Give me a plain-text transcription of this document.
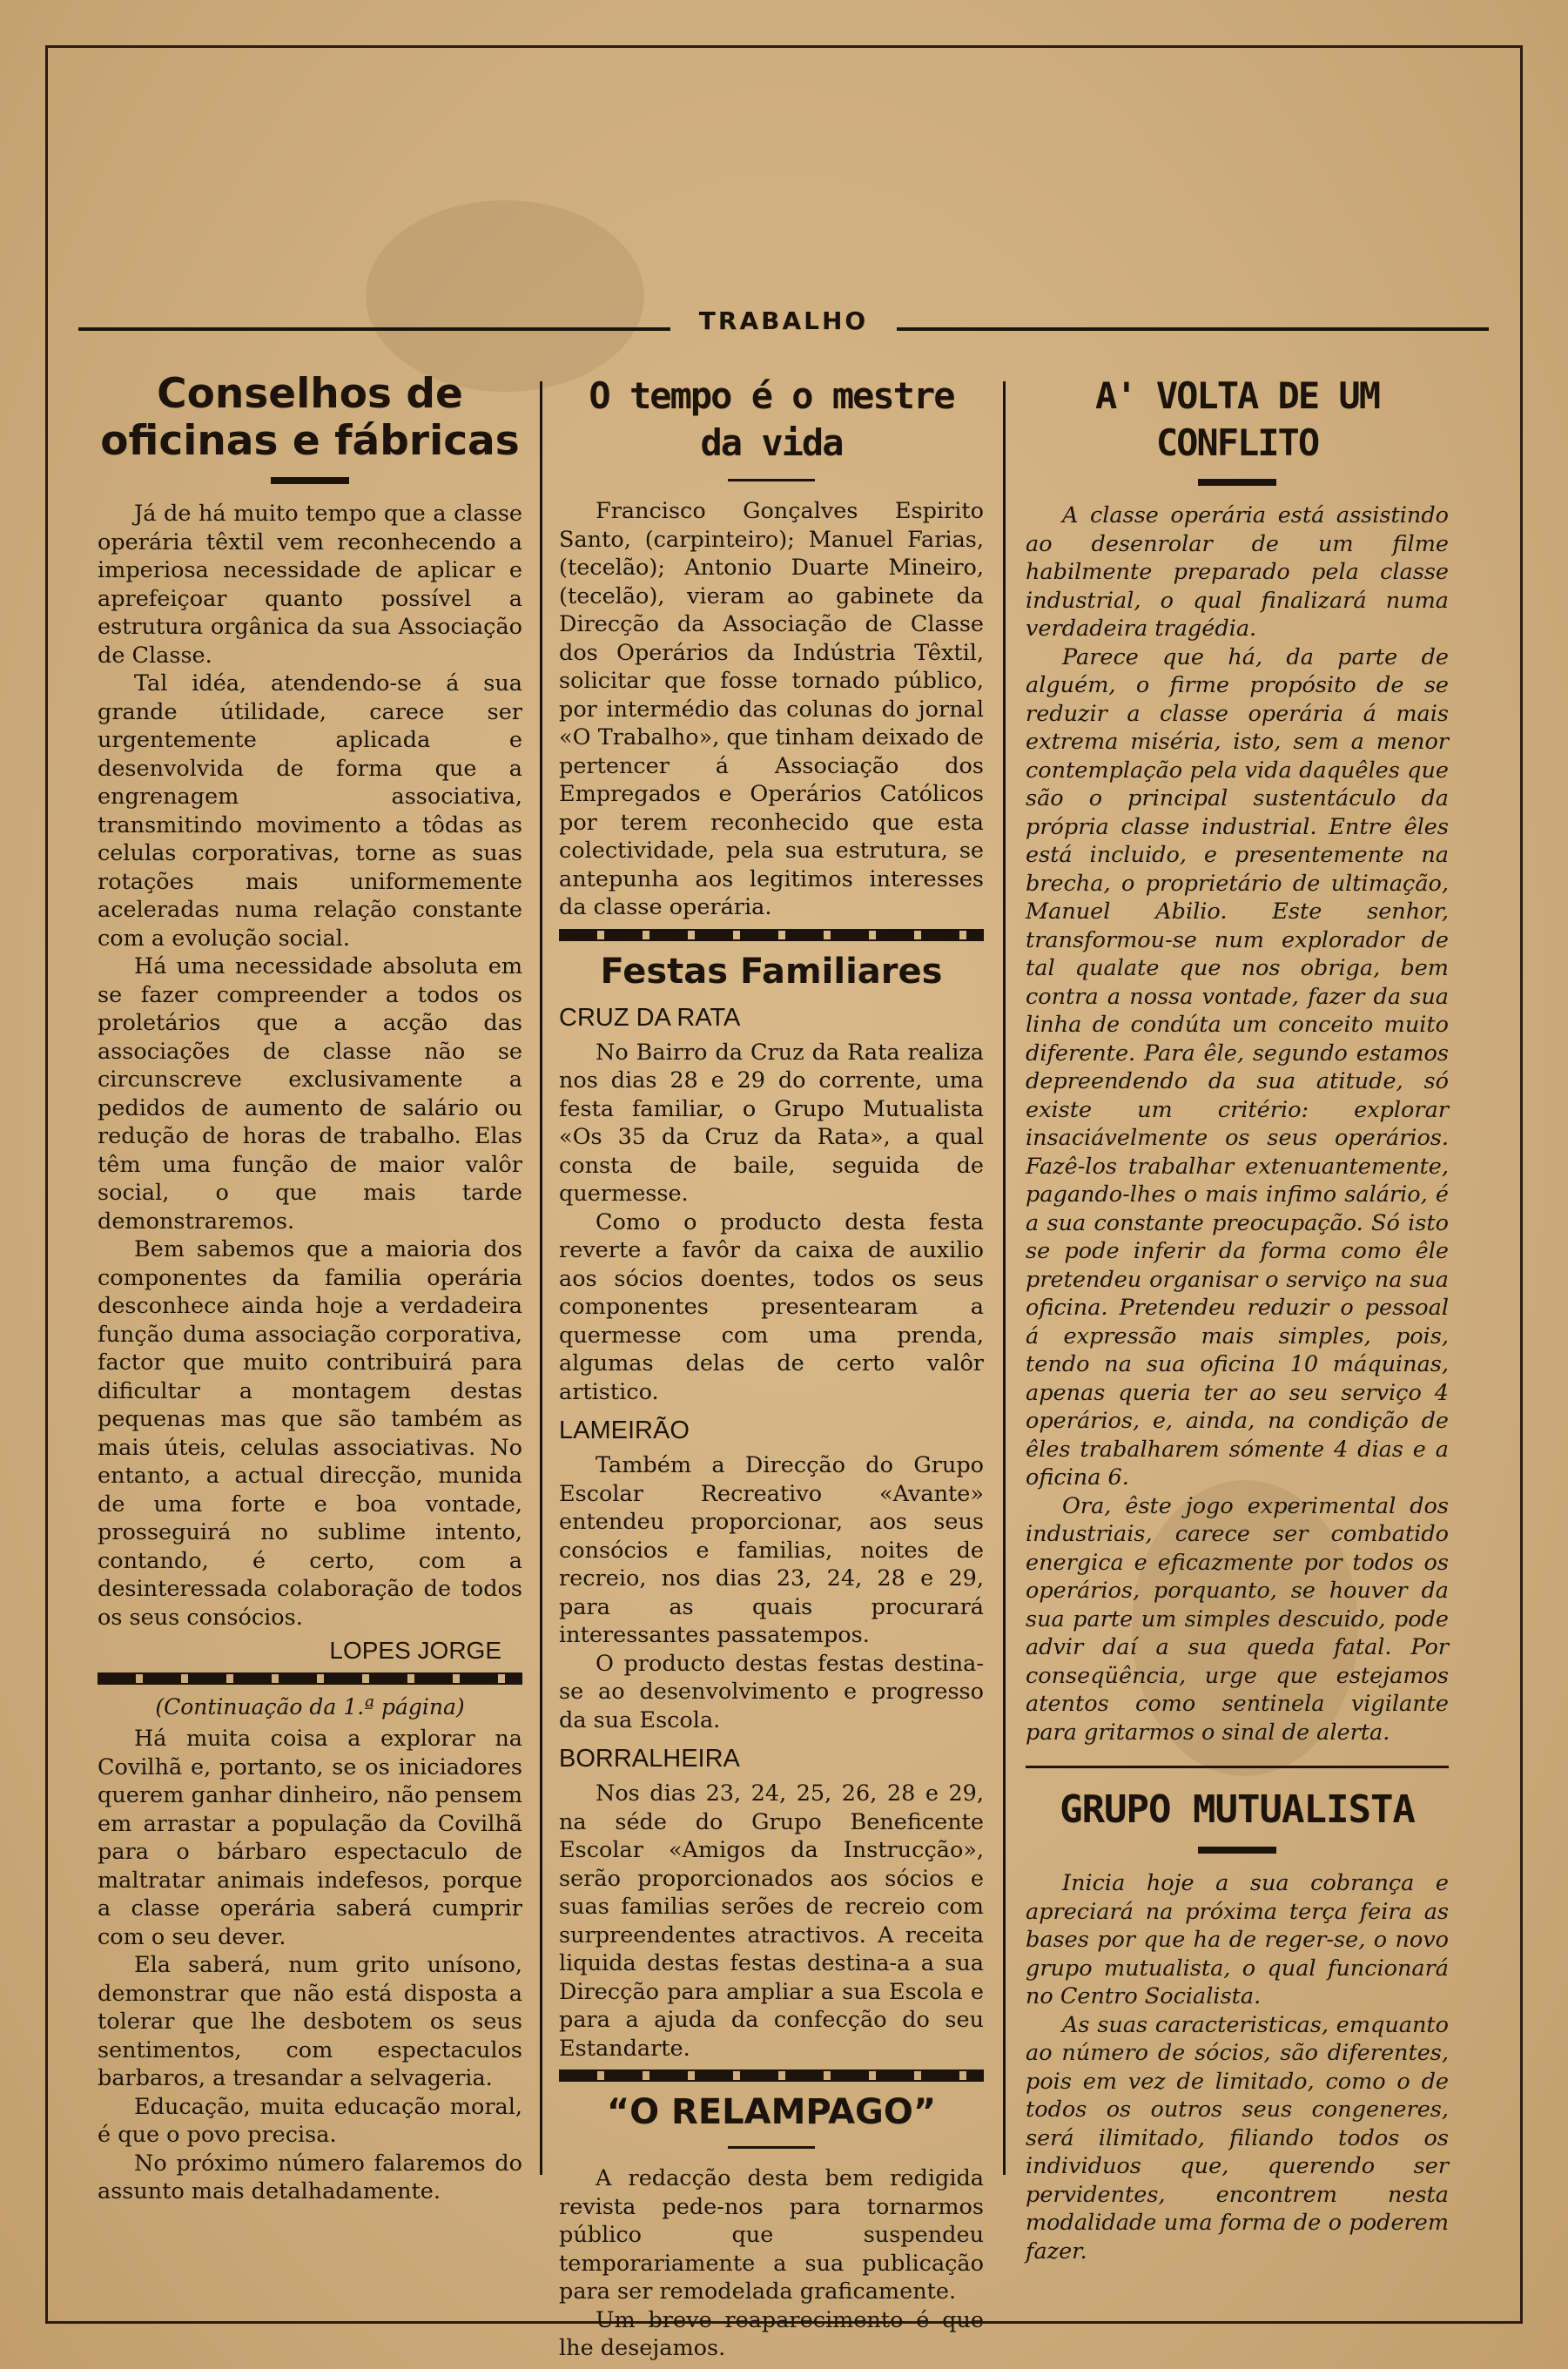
TRABALHO
Conselhos de oficinas e fábricas

Já de há muito tempo que a classe operária têxtil vem reconhecendo a imperiosa necessidade de aplicar e aprefeiçoar quanto possível a estrutura orgânica da sua Associação de Classe.

Tal idéa, atendendo-se á sua grande útilidade, carece ser urgentemente aplicada e desenvolvida de forma que a engrenagem associativa, transmitindo movimento a tôdas as celulas corporativas, torne as suas rotações mais uniformemente aceleradas numa relação constante com a evolução social.

Há uma necessidade absoluta em se fazer compreender a todos os proletários que a acção das associações de classe não se circunscreve exclusivamente a pedidos de aumento de salário ou redução de horas de trabalho. Elas têm uma função de maior valôr social, o que mais tarde demonstraremos.

Bem sabemos que a maioria dos componentes da familia operária desconhece ainda hoje a verdadeira função duma associação corporativa, factor que muito contribuirá para dificultar a montagem destas pequenas mas que são também as mais úteis, celulas associativas. No entanto, a actual direcção, munida de uma forte e boa vontade, prosseguirá no sublime intento, contando, é certo, com a desinteressada colaboração de todos os seus consócios.

LOPES JORGE
(Continuação da 1.ª página)

Há muita coisa a explorar na Covilhã e, portanto, se os iniciadores querem ganhar dinheiro, não pensem em arrastar a população da Covilhã para o bárbaro espectaculo de maltratar animais indefesos, porque a classe operária saberá cumprir com o seu dever.

Ela saberá, num grito unísono, demonstrar que não está disposta a tolerar que lhe desbotem os seus sentimentos, com espectaculos barbaros, a tresandar a selvageria.

Educação, muita educação moral, é que o povo precisa.

No próximo número falaremos do assunto mais detalhadamente.

O tempo é o mestre da vida

Francisco Gonçalves Espirito Santo, (carpinteiro); Manuel Farias, (tecelão); Antonio Duarte Mineiro, (tecelão), vieram ao gabinete da Direcção da Associação de Classe dos Operários da Indústria Têxtil, solicitar que fosse tornado público, por intermédio das colunas do jornal «O Trabalho», que tinham deixado de pertencer á Associação dos Empregados e Operários Católicos por terem reconhecido que esta colectividade, pela sua estrutura, se antepunha aos legitimos interesses da classe operária.

Festas Familiares
CRUZ DA RATA

No Bairro da Cruz da Rata realiza nos dias 28 e 29 do corrente, uma festa familiar, o Grupo Mutualista «Os 35 da Cruz da Rata», a qual consta de baile, seguida de quermesse.

Como o producto desta festa reverte a favôr da caixa de auxilio aos sócios doentes, todos os seus componentes presentearam a quermesse com uma prenda, algumas delas de certo valôr artistico.

LAMEIRÃO

Também a Direcção do Grupo Escolar Recreativo «Avante» entendeu proporcionar, aos seus consócios e familias, noites de recreio, nos dias 23, 24, 28 e 29, para as quais procurará interessantes passatempos.

O producto destas festas destina-se ao desenvolvimento e progresso da sua Escola.

BORRALHEIRA

Nos dias 23, 24, 25, 26, 28 e 29, na séde do Grupo Beneficente Escolar «Amigos da Instrucção», serão proporcionados aos sócios e suas familias serões de recreio com surpreendentes atractivos. A receita liquida destas festas destina-a a sua Direcção para ampliar a sua Escola e para a ajuda da confecção do seu Estandarte.

“O RELAMPAGO”

A redacção desta bem redigida revista pede-nos para tornarmos público que suspendeu temporariamente a sua publicação para ser remodelada graficamente.

Um breve reaparecimento é que lhe desejamos.

A' VOLTA DE UM CONFLITO

A classe operária está assistindo ao desenrolar de um filme habilmente preparado pela classe industrial, o qual finalizará numa verdadeira tragédia.

Parece que há, da parte de alguém, o firme propósito de se reduzir a classe operária á mais extrema miséria, isto, sem a menor contemplação pela vida daquêles que são o principal sustentáculo da própria classe industrial. Entre êles está incluido, e presentemente na brecha, o proprietário de ultimação, Manuel Abilio. Este senhor, transformou-se num explorador de tal qualate que nos obriga, bem contra a nossa vontade, fazer da sua linha de condúta um conceito muito diferente. Para êle, segundo estamos depreendendo da sua atitude, só existe um critério: explorar insaciávelmente os seus operários. Fazê-los trabalhar extenuantemente, pagando-lhes o mais infimo salário, é a sua constante preocupação. Só isto se pode inferir da forma como êle pretendeu organisar o serviço na sua oficina. Pretendeu reduzir o pessoal á expressão mais simples, pois, tendo na sua oficina 10 máquinas, apenas queria ter ao seu serviço 4 operários, e, ainda, na condição de êles trabalharem sómente 4 dias e a oficina 6.

Ora, êste jogo experimental dos industriais, carece ser combatido energica e eficazmente por todos os operários, porquanto, se houver da sua parte um simples descuido, pode advir daí a sua queda fatal. Por conseqüência, urge que estejamos atentos como sentinela vigilante para gritarmos o sinal de alerta.

GRUPO MUTUALISTA

Inicia hoje a sua cobrança e apreciará na próxima terça feira as bases por que ha de reger-se, o novo grupo mutualista, o qual funcionará no Centro Socialista.

As suas caracteristicas, emquanto ao número de sócios, são diferentes, pois em vez de limitado, como o de todos os outros seus congeneres, será ilimitado, filiando todos os individuos que, querendo ser pervidentes, encontrem nesta modalidade uma forma de o poderem fazer.
